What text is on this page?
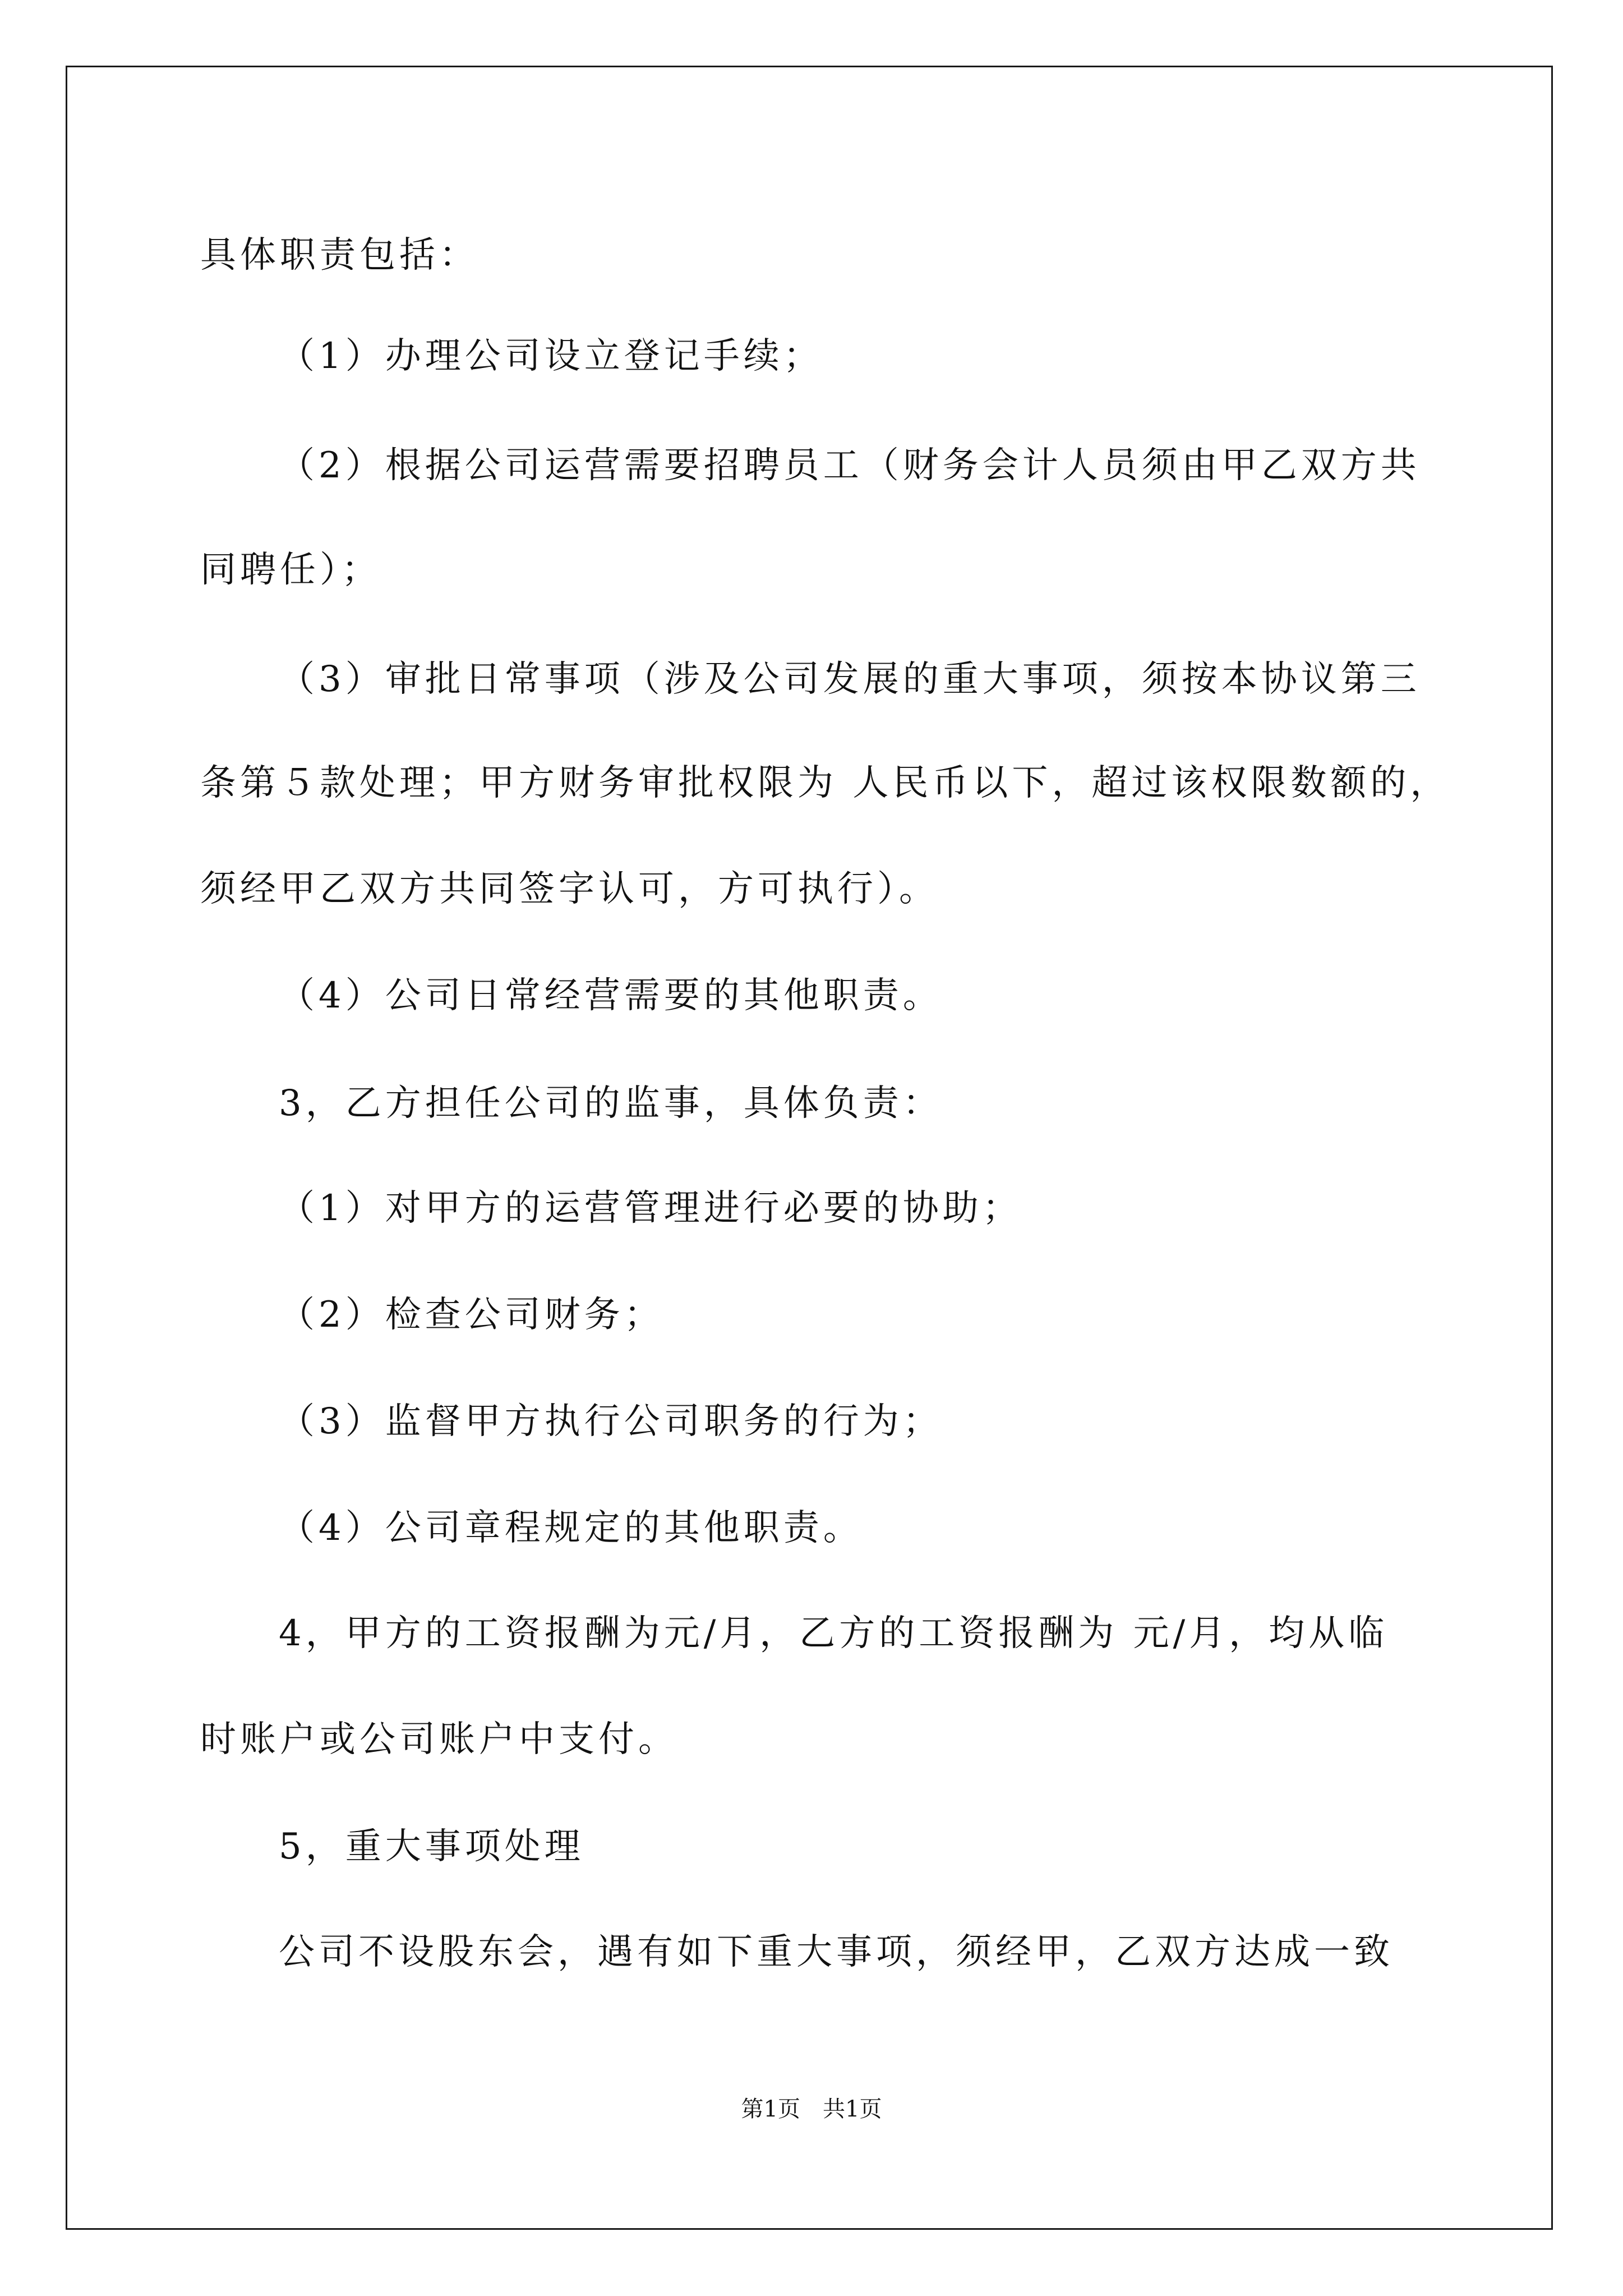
具体职责包括：
（1）办理公司设立登记手续；
（2）根据公司运营需要招聘员工（财务会计人员须由甲乙双方共
同聘任）；
（3）审批日常事项（涉及公司发展的重大事项，须按本协议第三
条第５款处理；甲方财务审批权限为 人民币以下，超过该权限数额的，
须经甲乙双方共同签字认可，方可执行）。
（4）公司日常经营需要的其他职责。
3，乙方担任公司的监事，具体负责：
（1）对甲方的运营管理进行必要的协助；
（2）检查公司财务；
（3）监督甲方执行公司职务的行为；
（4）公司章程规定的其他职责。
4，甲方的工资报酬为元/月，乙方的工资报酬为 元/月，均从临
时账户或公司账户中支付。
5，重大事项处理
公司不设股东会，遇有如下重大事项，须经甲，乙双方达成一致
第1页　共1页
